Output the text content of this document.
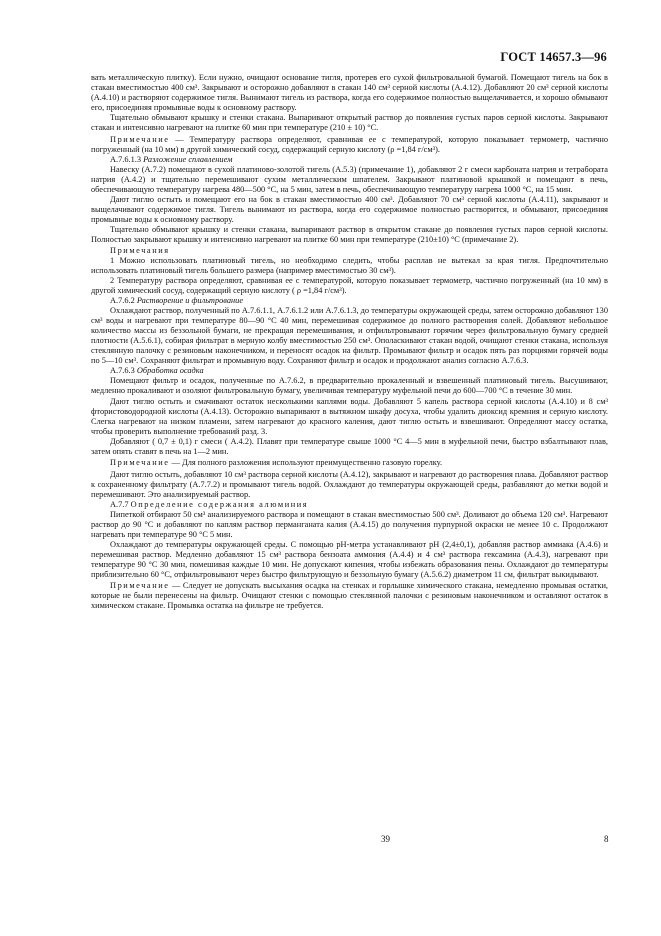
ГОСТ 14657.3—96

вать металлическую плитку). Если нужно, очищают основание тигля, протерев его сухой фильтровальной бумагой. Помещают тигель на бок в стакан вместимостью 400 см³. Закрывают и осторожно добавляют в стакан 140 см³ серной кислоты (А.4.12). Добавляют 20 см³ серной кислоты (А.4.10) и растворяют содержимое тигля. Вынимают тигель из раствора, когда его содержимое полностью выщелачивается, и хорошо обмывают его, присоединяя промывные воды к основному раствору.

Тщательно обмывают крышку и стенки стакана. Выпаривают открытый раствор до появления густых паров серной кислоты. Закрывают стакан и интенсивно нагревают на плитке 60 мин при температуре (210 ± 10) °С.

Примечание — Температуру раствора определяют, сравнивая ее с температурой, которую показывает термометр, частично погруженный (на 10 мм) в другой химический сосуд, содержащий серную кислоту (ρ =1,84 г/см³).

А.7.6.1.3 Разложение сплавлением

Навеску (А.7.2) помещают в сухой платиново-золотой тигель (А.5.3) (примечание 1), добавляют 2 г смеси карбоната натрия и тетрабората натрия (А.4.2) и тщательно перемешивают сухим металлическим шпателем. Закрывают платиновой крышкой и помещают в печь, обеспечивающую температуру нагрева 480—500 °С, на 5 мин, затем в печь, обеспечивающую температуру нагрева 1000 °С, на 15 мин.

Дают тиглю остыть и помещают его на бок в стакан вместимостью 400 см³. Добавляют 70 см³ серной кислоты (А.4.11), закрывают и выщелачивают содержимое тигля. Тигель вынимают из раствора, когда его содержимое полностью растворится, и обмывают, присоединяя промывные воды к основному раствору.

Тщательно обмывают крышку и стенки стакана, выпаривают раствор в открытом стакане до появления густых паров серной кислоты. Полностью закрывают крышку и интенсивно нагревают на плитке 60 мин при температуре (210±10) °С (примечание 2).

Примечания

1 Можно использовать платиновый тигель, но необходимо следить, чтобы расплав не вытекал за края тигля. Предпочтительно использовать платиновый тигель большего размера (например вместимостью 30 см³).

2 Температуру раствора определяют, сравнивая ее с температурой, которую показывает термометр, частично погруженный (на 10 мм) в другой химический сосуд, содержащий серную кислоту ( ρ =1,84 г/см³).

А.7.6.2 Растворение и фильтрование

Охлаждают раствор, полученный по А.7.6.1.1, А.7.6.1.2 или А.7.6.1.3, до температуры окружающей среды, затем осторожно добавляют 130 см³ воды и нагревают при температуре 80—90 °С 40 мин, перемешивая содержимое до полного растворения солей. Добавляют небольшое количество массы из беззольной бумаги, не прекращая перемешивания, и отфильтровывают горячим через фильтровальную бумагу средней плотности (А.5.6.1), собирая фильтрат в мерную колбу вместимостью 250 см³. Ополаскивают стакан водой, очищают стенки стакана, используя стеклянную палочку с резиновым наконечником, и переносят осадок на фильтр. Промывают фильтр и осадок пять раз порциями горячей воды по 5—10 см³. Сохраняют фильтрат и промывную воду. Сохраняют фильтр и осадок и продолжают анализ согласно А.7.6.3.

А.7.6.3 Обработка осадка

Помещают фильтр и осадок, полученные по А.7.6.2, в предварительно прокаленный и взвешенный платиновый тигель. Высушивают, медленно прокаливают и озоляют фильтровальную бумагу, увеличивая температуру муфельной печи до 600—700 °С в течение 30 мин.

Дают тиглю остыть и смачивают остаток несколькими каплями воды. Добавляют 5 капель раствора серной кислоты (А.4.10) и 8 см³ фтористоводородной кислоты (А.4.13). Осторожно выпаривают в вытяжном шкафу досуха, чтобы удалить диоксид кремния и серную кислоту. Слегка нагревают на низком пламени, затем нагревают до красного каления, дают тиглю остыть и взвешивают. Определяют массу остатка, чтобы проверить выполнение требований разд. 3.

Добавляют ( 0,7 ± 0,1) г смеси ( А.4.2). Плавят при температуре свыше 1000 °С 4—5 мин в муфельной печи, быстро взбалтывают плав, затем опять ставят в печь на 1—2 мин.

Примечание — Для полного разложения используют преимущественно газовую горелку.

Дают тиглю остыть, добавляют 10 см³ раствора серной кислоты (А.4.12), закрывают и нагревают до растворения плава. Добавляют раствор к сохраненному фильтрату (А.7.7.2) и промывают тигель водой. Охлаждают до температуры окружающей среды, разбавляют до метки водой и перемешивают. Это анализируемый раствор.

А.7.7 Определение содержания алюминия

Пипеткой отбирают 50 см³ анализируемого раствора и помещают в стакан вместимостью 500 см³. Доливают до объема 120 см³. Нагревают раствор до 90 °С и добавляют по каплям раствор перманганата калия (А.4.15) до получения пурпурной окраски не менее 10 с. Продолжают нагревать при температуре 90 °С 5 мин.

Охлаждают до температуры окружающей среды. С помощью pH-метра устанавливают pH (2,4±0,1), добавляя раствор аммиака (А.4.6) и перемешивая раствор. Медленно добавляют 15 см³ раствора бензоата аммония (А.4.4) и 4 см³ раствора гексамина (А.4.3), нагревают при температуре 90 °С 30 мин, помешивая каждые 10 мин. Не допускают кипения, чтобы избежать образования пены. Охлаждают до температуры приблизительно 60 °С, отфильтровывают через быстро фильтрующую и беззольную бумагу (А.5.6.2) диаметром 11 см, фильтрат выкидывают.

Примечание — Следует не допускать высыхания осадка на стенках и горлышке химического стакана, немедленно промывая остатки, которые не были перенесены на фильтр. Очищают стенки с помощью стеклянной палочки с резиновым наконечником и оставляют остаток в химическом стакане. Промывка остатка на фильтре не требуется.

39	8
